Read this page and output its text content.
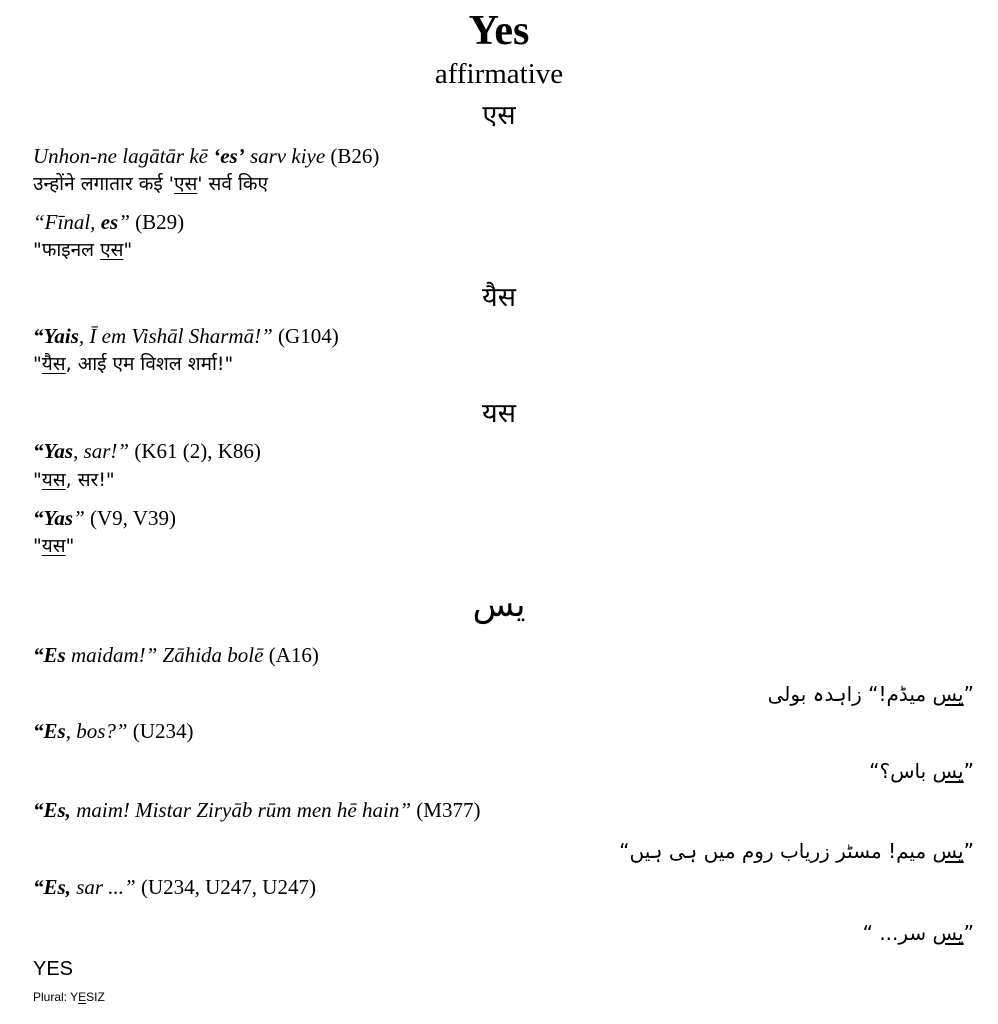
Yes
affirmative
एस
Unhon-ne lagātār kē ‘es’ sarv kiye (B26)
उन्होंने लगातार कई 'एस' सर्व किए
“Fīnal, es” (B29)
"फाइनल एस"
यैस
“Yais, Ī em Vishāl Sharmā!” (G104)
"यैस, आई एम विशल शर्मा!"
यस
“Yas, sar!” (K61 (2), K86)
"यस, सर!"
“Yas” (V9, V39)
"यस"
یس
“Es maidam!” Zāhida bolē (A16)
”یس میڈم!“ زاہدہ بولی
“Es, bos?” (U234)
”یس باس؟“
“Es, maim! Mistar Ziryāb rūm men hē hain” (M377)
”یس میم! مسٹر زریاب روم میں ہی ہیں“
“Es, sar ...” (U234, U247, U247)
”یس سر... “
YES
Plural: YESIZ
